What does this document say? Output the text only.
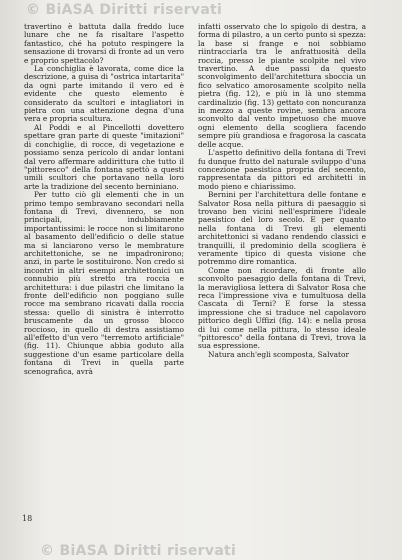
© BiASA Diritti riservati

travertino è battuta dalla freddo luce lunare che ne fa risaltare l'aspetto fantastico, ché ha potuto respingere la sensazione di trovarsi di fronte ad un vero e proprio spettacolo?

La conchiglia è lavorata, come dice la descrizione, a guisa di "ostrica intartarita" da ogni parte imitando il vero ed è evidente che questo elemento è considerato da scultori e intagliatori in pietra con una attenzione degna d'una vera e propria scultura.

Al Poddi e al Pincellotti dovettero spettare gran parte di queste "imitazioni" di conchiglie, di rocce, di vegetazione e possiamo senza pericolo di andar lontani dal vero affermare addirittura che tutto il "pittoresco" della fontana spettò a questi umili scultori che portavano nella loro arte la tradizione del secento berniniano.

Per tutto ciò gli elementi che in un primo tempo sembravano secondari nella fontana di Trevi, divennero, se non principali, indubbiamente importantissimi: le rocce non si limitarono al basamento dell'edificio o delle statue ma si lanciarono verso le membrature architettoniche, se ne impadronirono; anzi, in parte le sostituirono. Non credo si incontri in altri esempi architettonici un connubio più stretto tra roccia e architettura: i due pilastri che limitano la fronte dell'edificio non poggiano sulle rocce ma sembrano ricavati dalla roccia stessa: quello di sinistra è interrotto bruscamente da un grosso blocco roccioso, in quello di destra assistiamo all'effetto d'un vero "terremoto artificiale" (fig. 11). Chiunque abbia goduto alla suggestione d'un esame particolare della fontana di Trevi in quella parte scenografica, avrà

infatti osservato che lo spigolo di destra, a forma di pilastro, a un certo punto si spezza: la base si frange e noi sobbiamo riintracciarla tra le anfrattuosità della roccia, presso le piante scolpite nel vivo travertino. A due passi da questo sconvolgimento dell'architettura sboccia un fico selvatico amorosamente scolpito nella pietra (fig. 12), e più in là uno stemma cardinalizio (fig. 13) gettato con noncuranza in mezzo a queste rovine, sembra ancora sconvolto dal vento impetuoso che muove ogni elemento della scogliera facendo sempre più grandiosa e fragorosa la cascata delle acque.

L'aspetto definitivo della fontana di Trevi fu dunque frutto del naturale sviluppo d'una concezione paesistica propria del secento, rappresentata da pittori ed architetti in modo pieno e chiarissimo.

Bernini per l'architettura delle fontane e Salvator Rosa nella pittura di paesaggio si trovano ben vicini nell'esprimere l'ideale paesistico del loro secolo. E per quanto nella fontana di Trevi gli elementi architettonici si vadano rendendo classici e tranquilli, il predominio della scogliera è veramente tipico di questa visione che potremmo dire romantica.

Come non ricordare, di fronte allo sconvolto paesaggio della fontana di Trevi, la meravigliosa lettera di Salvator Rosa che reca l'impressione viva e tumultuosa della Cascata di Terni? E forse la stessa impressione che si traduce nel capolavoro pittorico degli Uffizi (fig. 14): e nella prosa di lui come nella pittura, lo stesso ideale "pittoresco" della fontana di Trevi, trova la sua espressione.

Natura anch'egli scomposta, Salvator

18
© BiASA Diritti riservati
